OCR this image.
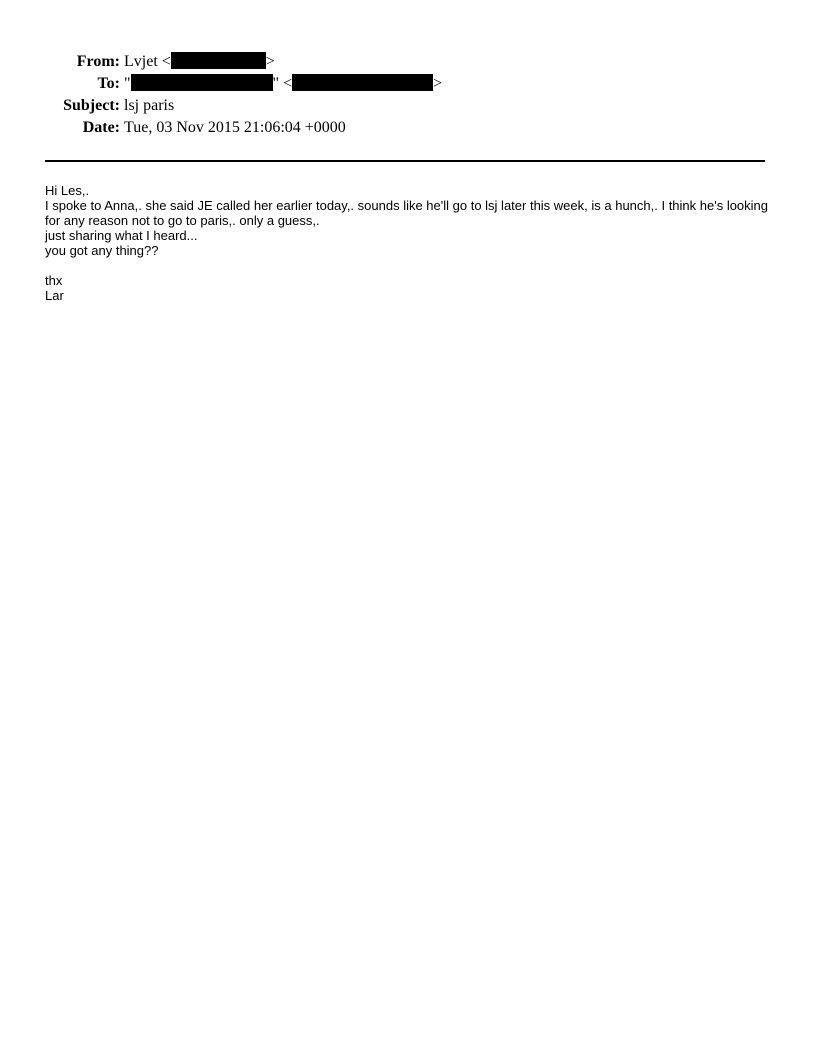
From: Lvjet <	>
To: "	" <	>
Subject: lsj paris
Date: Tue, 03 Nov 2015 21:06:04 +0000

Hi Les,.

I spoke to Anna,. she said JE called her earlier today,. sounds like he'll go to lsj later this week, is a hunch,. I think he's looking for any reason not to go to paris,. only a guess,.

just sharing what I heard...

you got any thing??

thx

Lar
